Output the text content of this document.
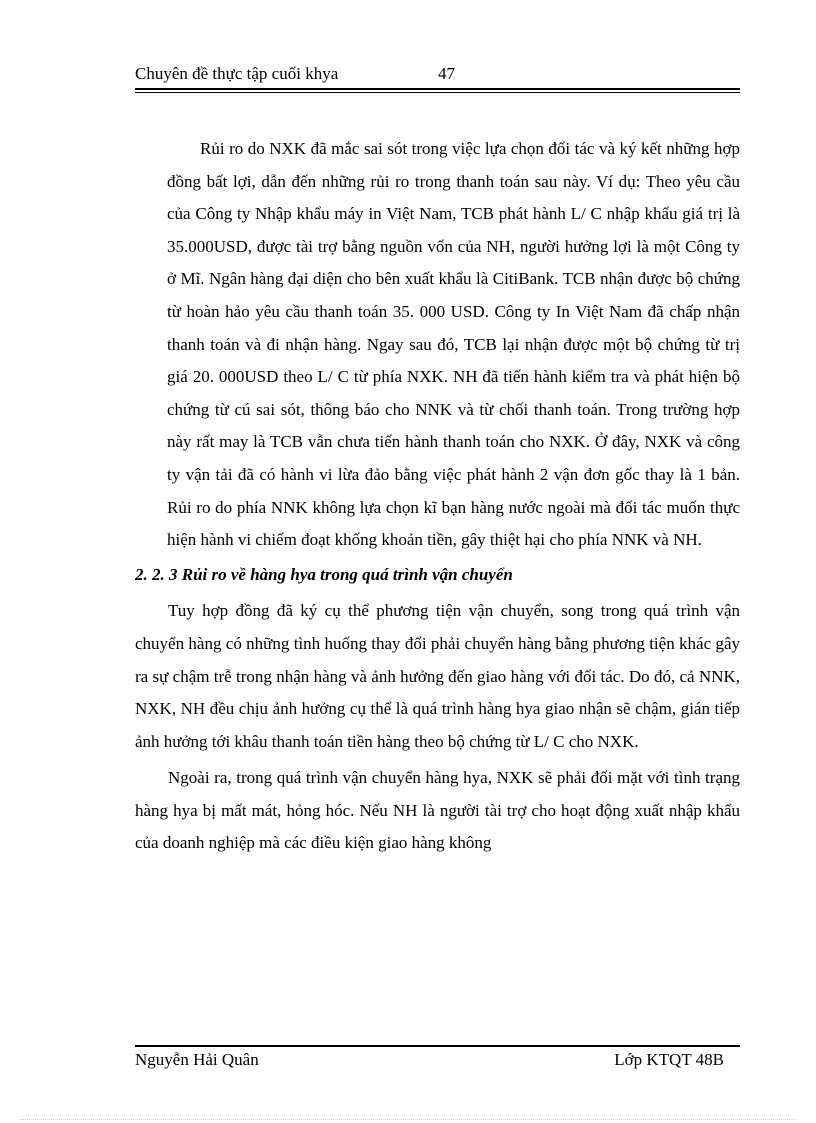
Chuyên đề thực tập cuối khya	47

Rủi ro do NXK đã mắc sai sót trong việc lựa chọn đối tác và ký kết những hợp đồng bất lợi, dẫn đến những rủi ro trong thanh toán sau này. Ví dụ: Theo yêu cầu của Công ty Nhập khẩu máy in Việt Nam, TCB phát hành L/ C nhập khẩu giá trị là 35.000USD, được tài trợ bằng nguồn vốn của NH, người hưởng lợi là một Công ty ở Mĩ. Ngân hàng đại diện cho bên xuất khẩu là CitiBank. TCB nhận được bộ chứng từ hoàn hảo yêu cầu thanh toán 35. 000 USD. Công ty In Việt Nam đã chấp nhận thanh toán và đi nhận hàng. Ngay sau đó, TCB lại nhận được một bộ chứng từ trị giá 20. 000USD theo L/ C từ phía NXK. NH đã tiến hành kiểm tra và phát hiện bộ chứng từ cú sai sót, thông báo cho NNK và từ chối thanh toán. Trong trường hợp này rất may là TCB vẫn chưa tiến hành thanh toán cho NXK. Ở đây, NXK và công ty vận tải đã có hành vi lừa đảo bằng việc phát hành 2 vận đơn gốc thay là 1 bản. Rủi ro do phía NNK không lựa chọn kĩ bạn hàng nước ngoài mà đối tác muốn thực hiện hành vi chiếm đoạt khống khoản tiền, gây thiệt hại cho phía NNK và NH.

2. 2. 3 Rủi ro về hàng hya trong quá trình vận chuyển

Tuy hợp đồng đã ký cụ thể phương tiện vận chuyển, song trong quá trình vận chuyển hàng có những tình huống thay đổi phải chuyển hàng bằng phương tiện khác gây ra sự chậm trễ trong nhận hàng và ảnh hưởng đến giao hàng với đối tác. Do đó, cả NNK, NXK, NH đều chịu ảnh hưởng cụ thể là quá trình hàng hya giao nhận sẽ chậm, gián tiếp ảnh hưởng tới khâu thanh toán tiền hàng theo bộ chứng từ L/ C cho NXK.

Ngoài ra, trong quá trình vận chuyển hàng hya, NXK sẽ phải đối mặt với tình trạng hàng hya bị mất mát, hỏng hóc. Nếu NH là người tài trợ cho hoạt động xuất nhập khẩu của doanh nghiệp mà các điều kiện giao hàng không

Nguyễn Hải Quân	Lớp KTQT 48B
